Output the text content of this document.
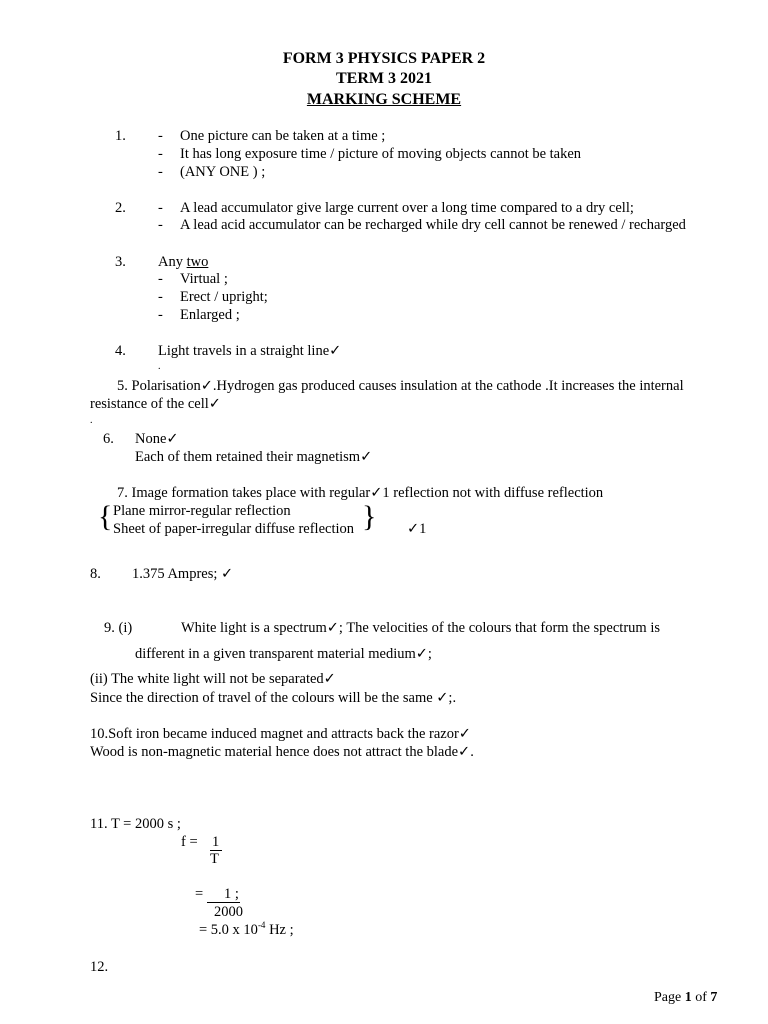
FORM 3 PHYSICS PAPER 2
TERM 3 2021
MARKING SCHEME
1. - One picture can be taken at a time ;
- It has long exposure time / picture of moving objects cannot be taken
- (ANY ONE ) ;
2. - A lead accumulator give large current over a long time compared to a dry cell;
- A lead acid accumulator can be recharged while dry cell cannot be renewed / recharged
3. Any two
- Virtual ;
- Erect / upright;
- Enlarged ;
4. Light travels in a straight line✓
.
5. Polarisation✓.Hydrogen gas produced causes insulation at the cathode .It increases the internal
resistance of the cell✓
.
6. None✓
Each of them retained their magnetism✓
7. Image formation takes place with regular✓1 reflection not with diffuse reflection
{ Plane mirror-regular reflection
Sheet of paper-irregular diffuse reflection } ✓1
8. 1.375 Ampres; ✓
9. (i)	White light is a spectrum✓; The velocities of the colours that form the spectrum is
different in a given transparent material medium✓;
(ii) The white light will not be separated✓
Since the direction of travel of the colours will be the same ✓;.
10.Soft iron became induced magnet and attracts back the razor✓
Wood is non-magnetic material hence does not attract the blade✓.
11. T = 2000 s ;
f = 1
T
= 1 ;
2000
= 5.0 x $10^{-4}$ Hz ;
12.
Page 1 of 7
